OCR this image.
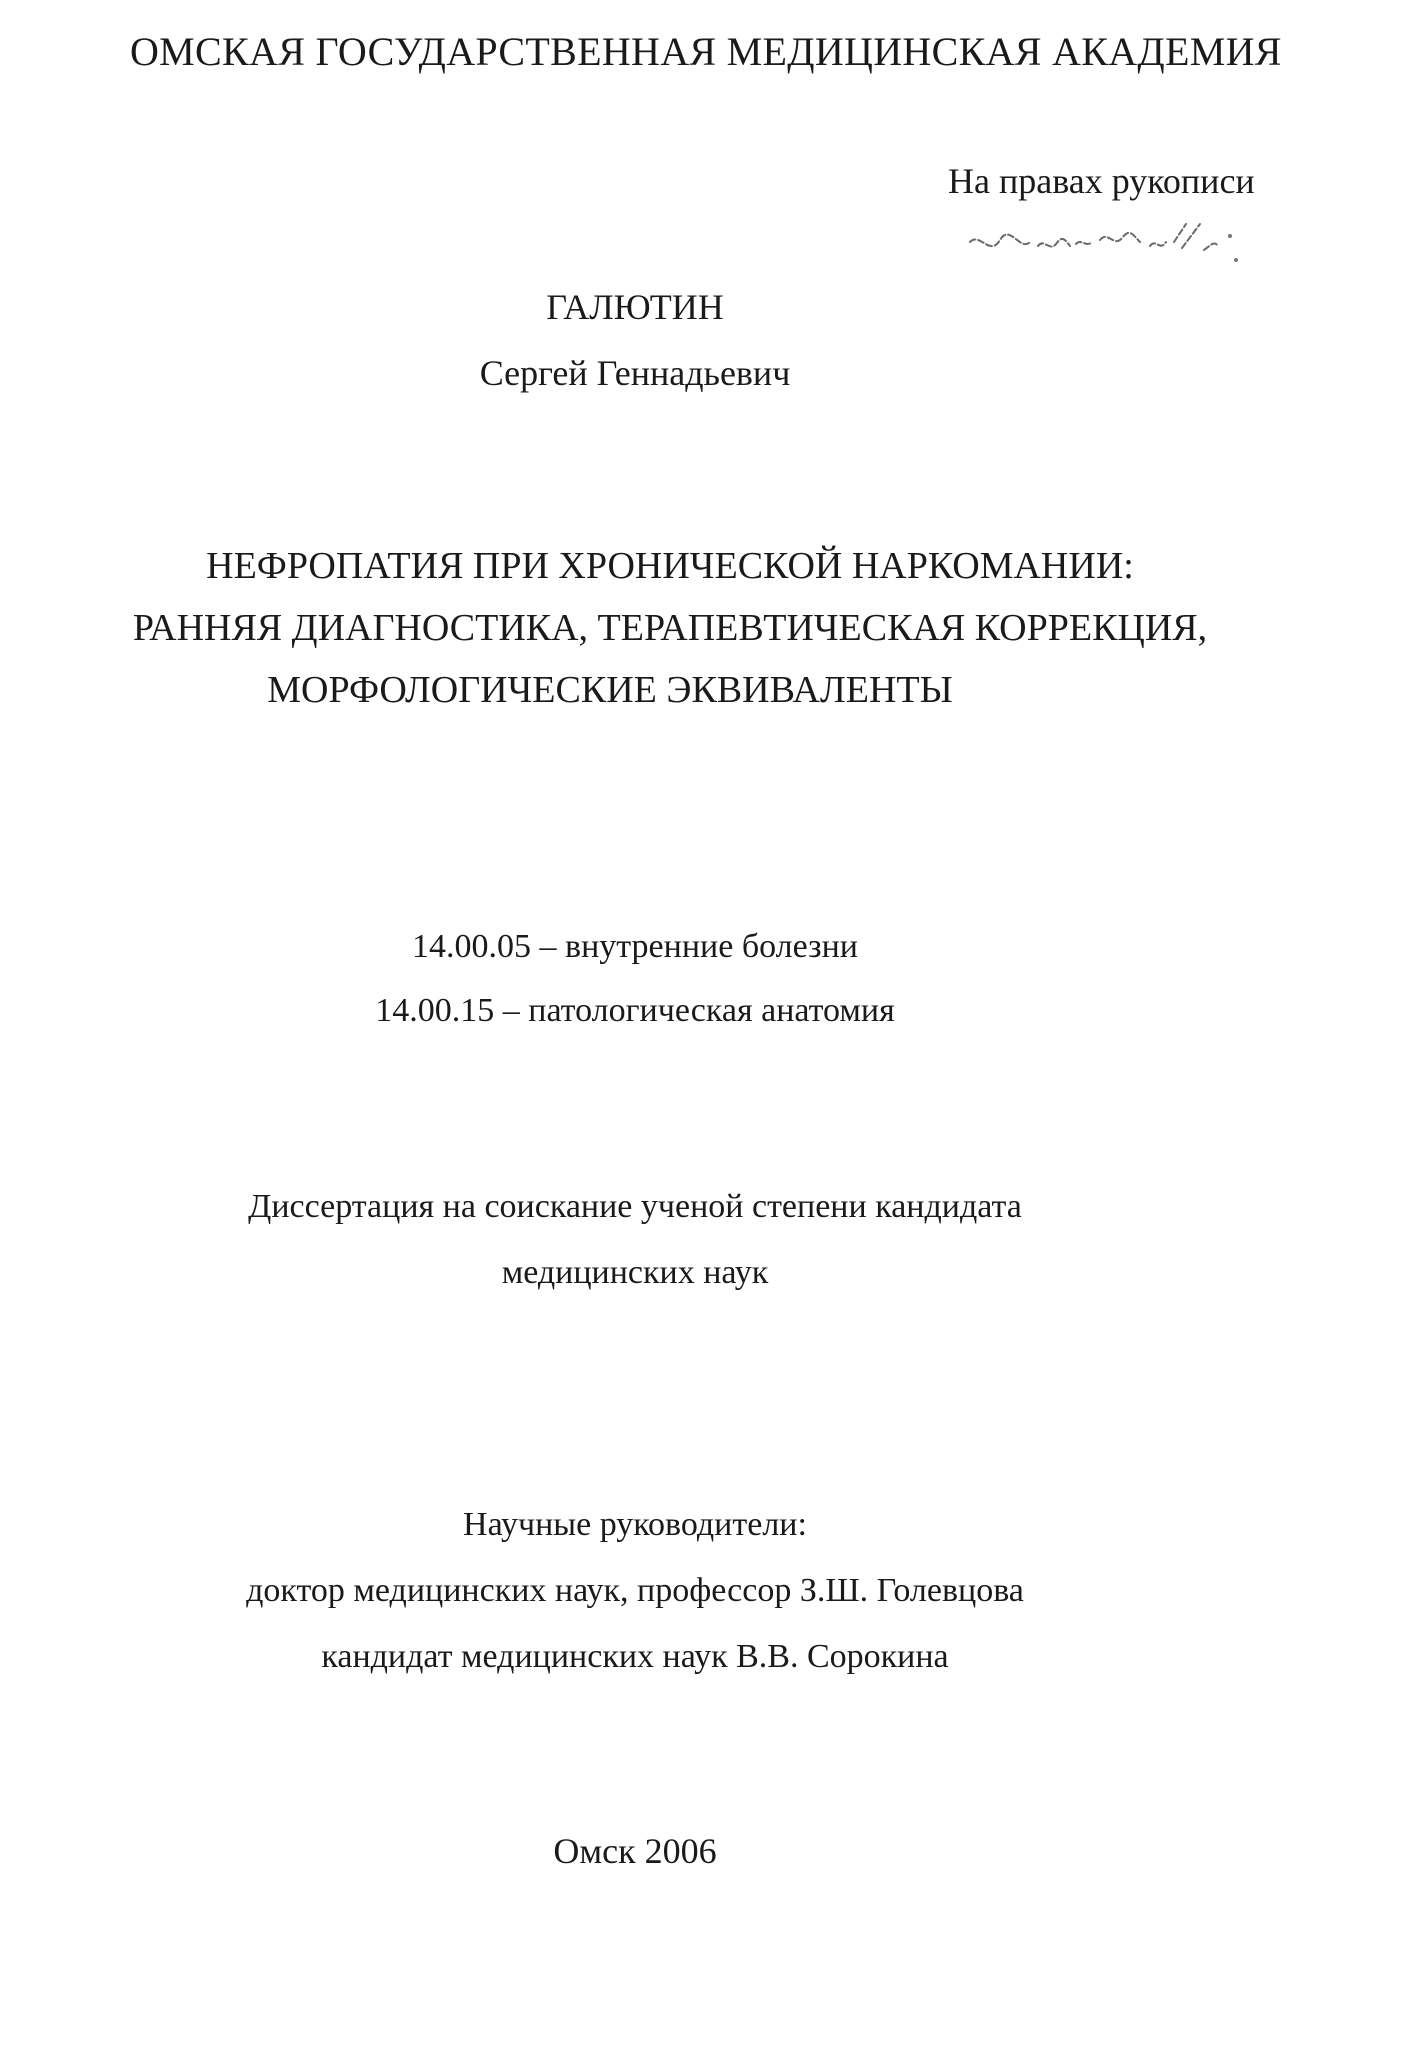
ОМСКАЯ ГОСУДАРСТВЕННАЯ МЕДИЦИНСКАЯ АКАДЕМИЯ
На правах рукописи
ГАЛЮТИН
Сергей Геннадьевич
НЕФРОПАТИЯ ПРИ ХРОНИЧЕСКОЙ НАРКОМАНИИ:
РАННЯЯ ДИАГНОСТИКА, ТЕРАПЕВТИЧЕСКАЯ КОРРЕКЦИЯ,
МОРФОЛОГИЧЕСКИЕ ЭКВИВАЛЕНТЫ
14.00.05 – внутренние болезни
14.00.15 – патологическая анатомия
Диссертация на соискание ученой степени кандидата
медицинских наук
Научные руководители:
доктор медицинских наук, профессор З.Ш. Голевцова
кандидат медицинских наук В.В. Сорокина
Омск 2006
